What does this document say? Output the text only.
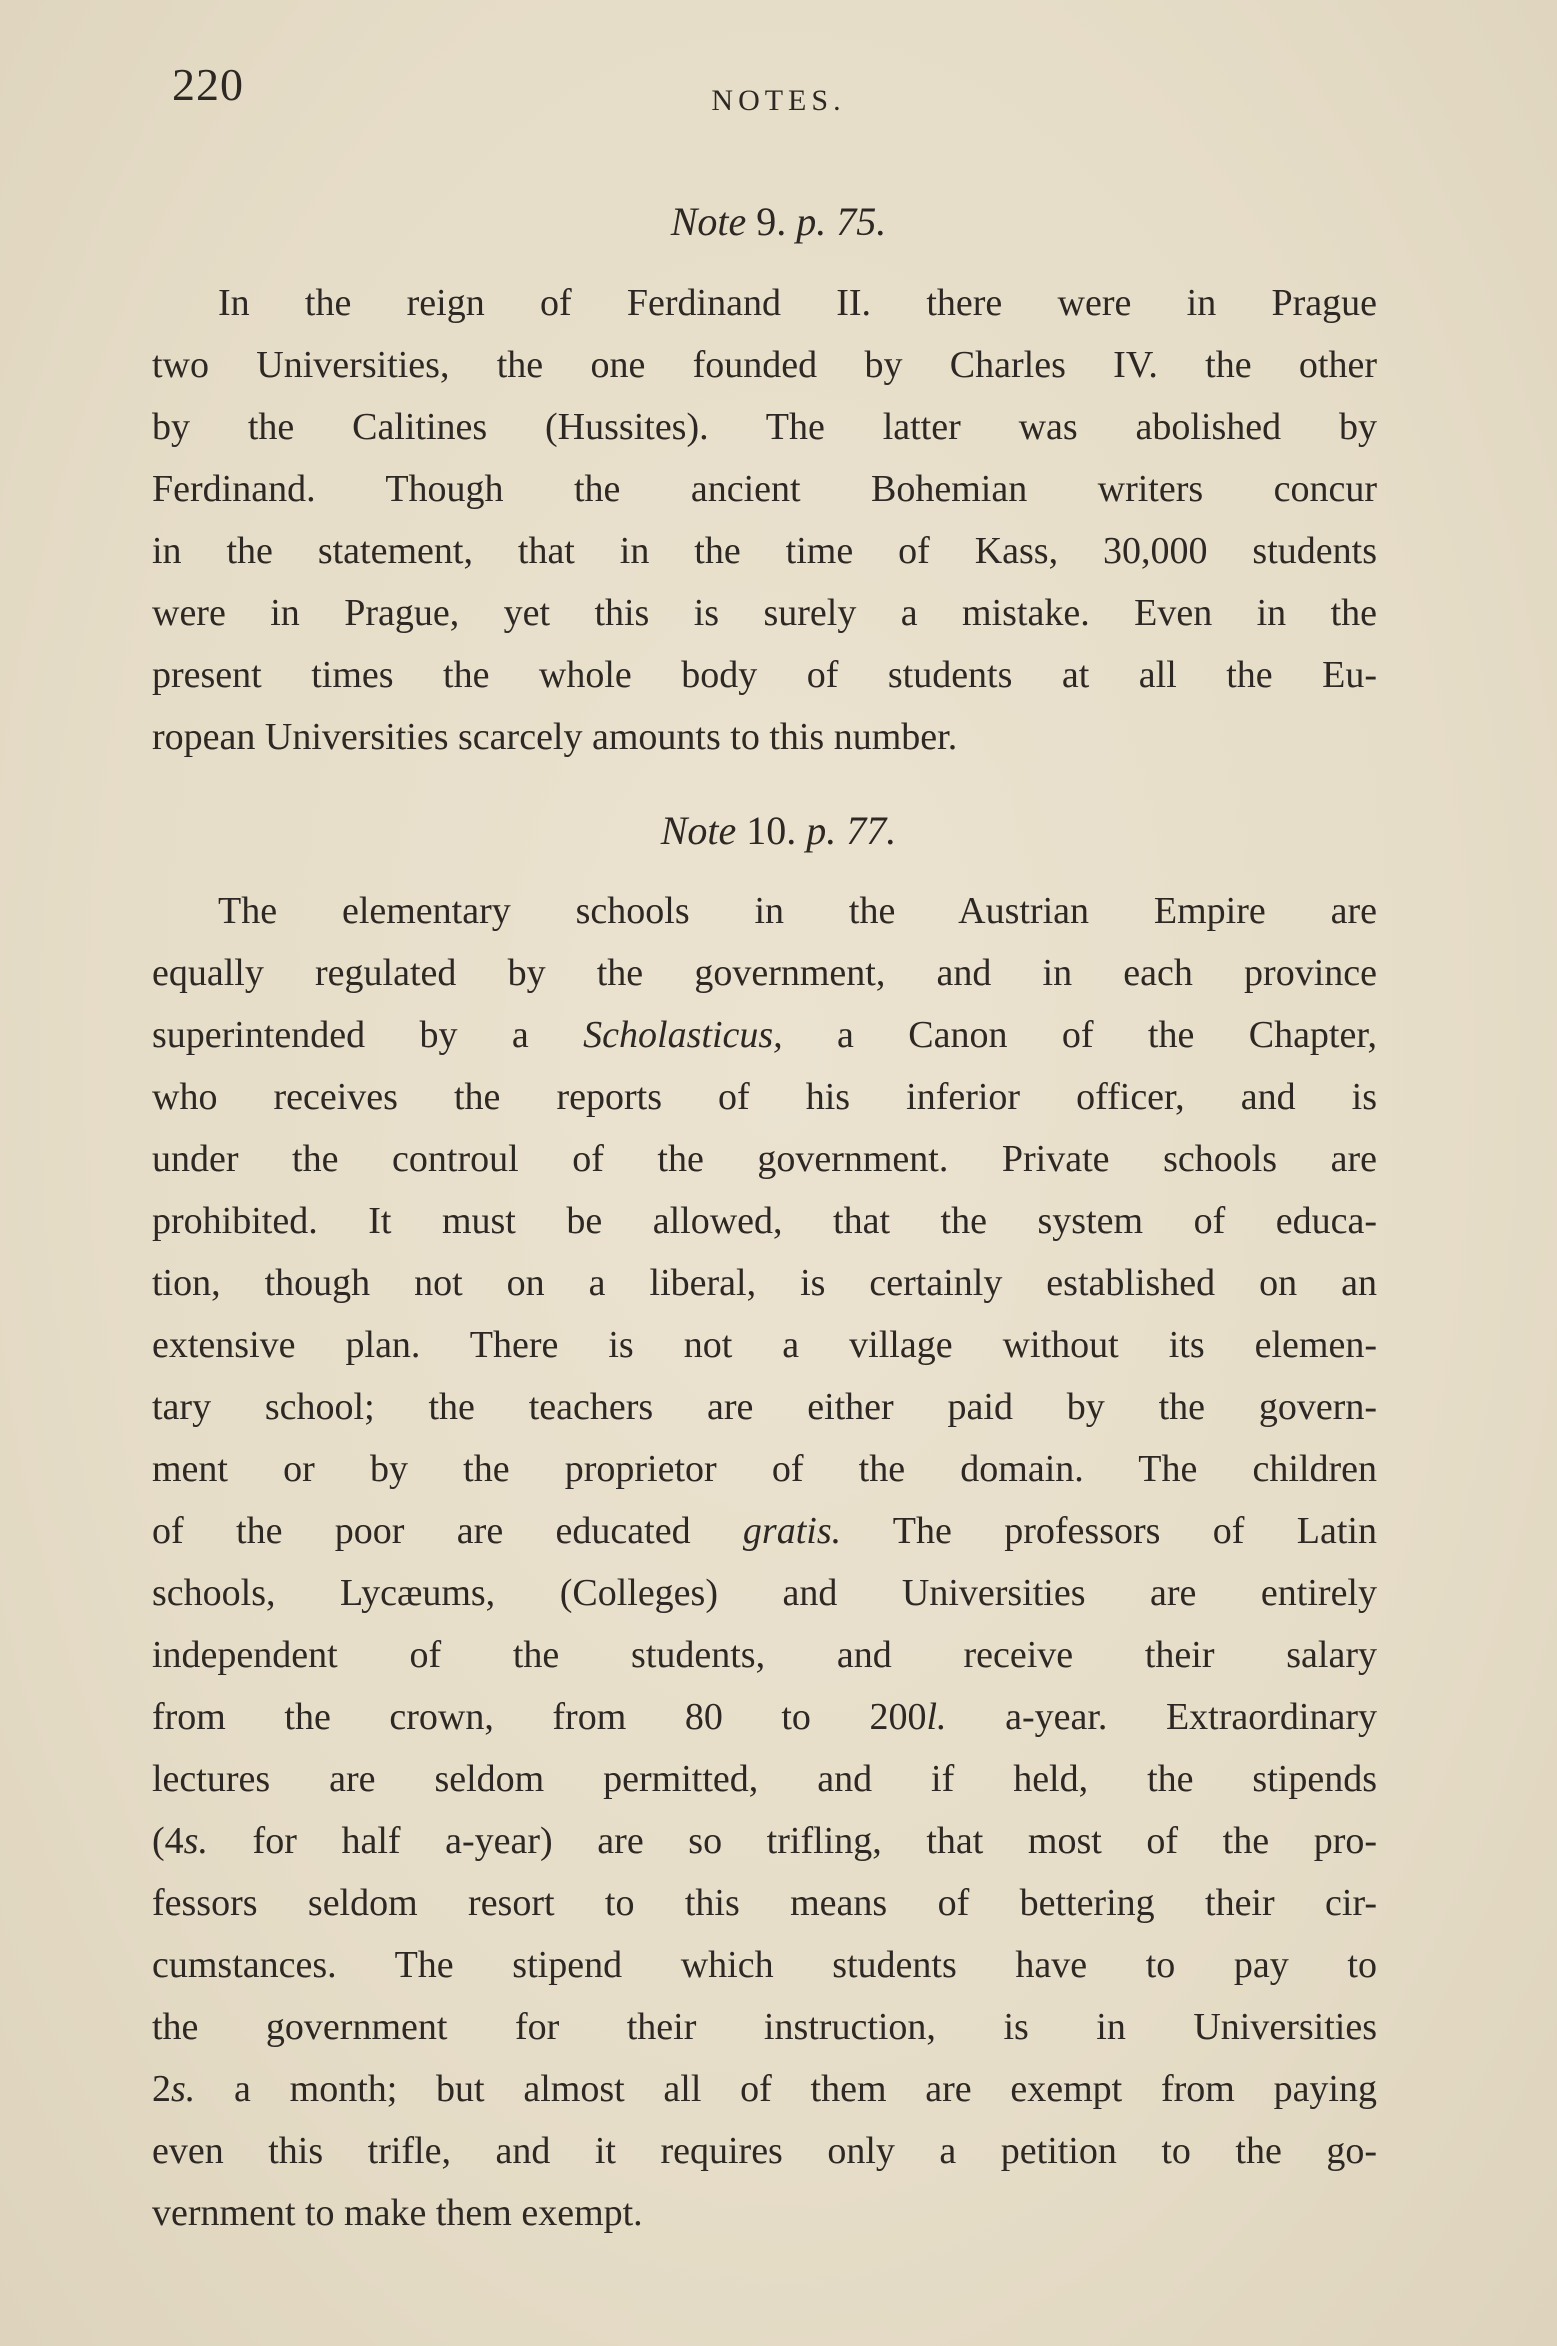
220	NOTES.
Note 9. p. 75.
In the reign of Ferdinand II. there were in Prague
two Universities, the one founded by Charles IV. the other
by the Calitines (Hussites). The latter was abolished by
Ferdinand. Though the ancient Bohemian writers concur
in the statement, that in the time of Kass, 30,000 students
were in Prague, yet this is surely a mistake. Even in the
present times the whole body of students at all the Eu-
ropean Universities scarcely amounts to this number.
Note 10. p. 77.
The elementary schools in the Austrian Empire are
equally regulated by the government, and in each province
superintended by a Scholasticus, a Canon of the Chapter,
who receives the reports of his inferior officer, and is
under the controul of the government. Private schools are
prohibited. It must be allowed, that the system of educa-
tion, though not on a liberal, is certainly established on an
extensive plan. There is not a village without its elemen-
tary school; the teachers are either paid by the govern-
ment or by the proprietor of the domain. The children
of the poor are educated gratis. The professors of Latin
schools, Lycæums, (Colleges) and Universities are entirely
independent of the students, and receive their salary
from the crown, from 80 to 200l. a-year. Extraordinary
lectures are seldom permitted, and if held, the stipends
(4s. for half a-year) are so trifling, that most of the pro-
fessors seldom resort to this means of bettering their cir-
cumstances. The stipend which students have to pay to
the government for their instruction, is in Universities
2s. a month; but almost all of them are exempt from paying
even this trifle, and it requires only a petition to the go-
vernment to make them exempt.
